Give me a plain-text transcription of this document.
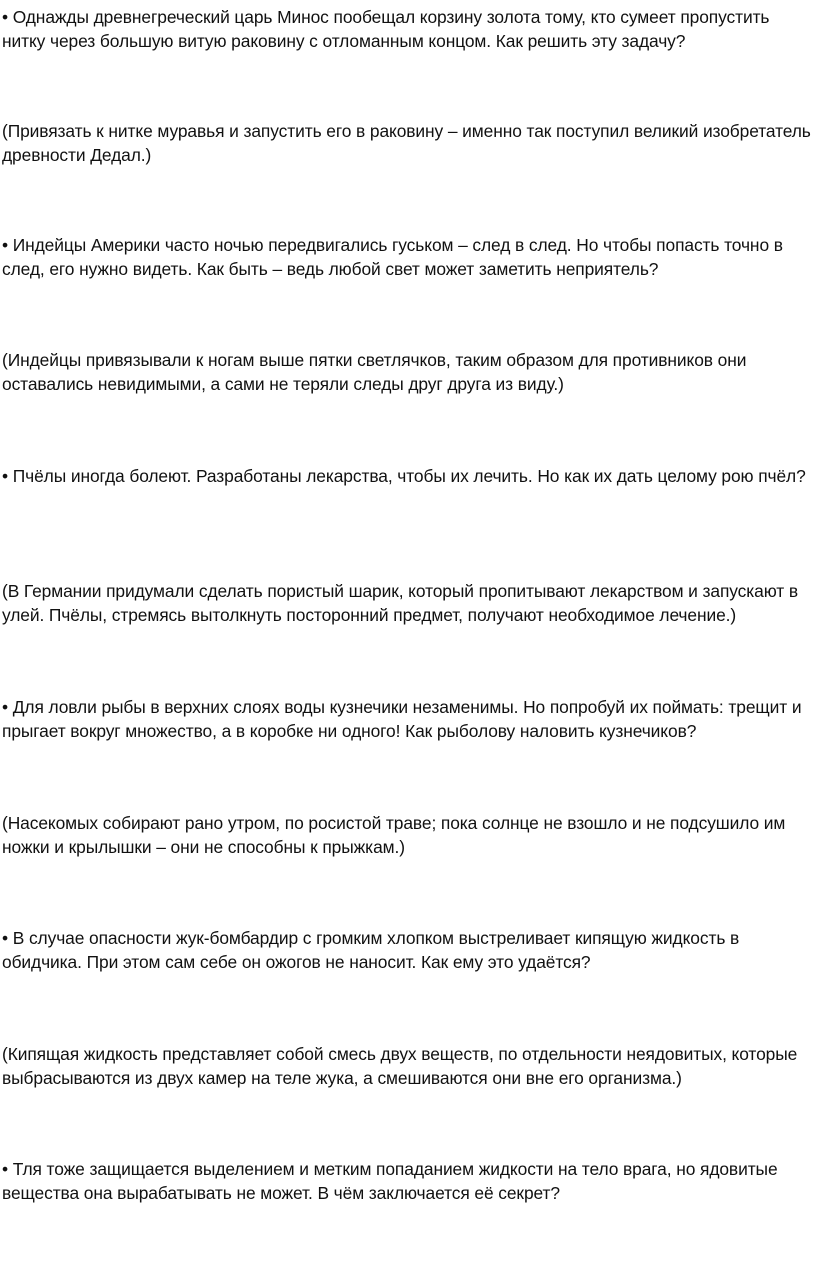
• Однажды древнегреческий царь Минос пообещал корзину золота тому, кто сумеет пропустить нитку через большую витую раковину с отломанным концом. Как решить эту задачу?

(Привязать к нитке муравья и запустить его в раковину – именно так поступил великий изобретатель древности Дедал.)

• Индейцы Америки часто ночью передвигались гуськом – след в след. Но чтобы попасть точно в след, его нужно видеть. Как быть – ведь любой свет может заметить неприятель?

(Индейцы привязывали к ногам выше пятки светлячков, таким образом для противников они оставались невидимыми, а сами не теряли следы друг друга из виду.)

• Пчёлы иногда болеют. Разработаны лекарства, чтобы их лечить. Но как их дать целому рою пчёл?

(В Германии придумали сделать пористый шарик, который пропитывают лекарством и запускают в улей. Пчёлы, стремясь вытолкнуть посторонний предмет, получают необходимое лечение.)

• Для ловли рыбы в верхних слоях воды кузнечики незаменимы. Но попробуй их поймать: трещит и прыгает вокруг множество, а в коробке ни одного! Как рыболову наловить кузнечиков?

(Насекомых собирают рано утром, по росистой траве; пока солнце не взошло и не подсушило им ножки и крылышки – они не способны к прыжкам.)

• В случае опасности жук-бомбардир с громким хлопком выстреливает кипящую жидкость в обидчика. При этом сам себе он ожогов не наносит. Как ему это удаётся?

(Кипящая жидкость представляет собой смесь двух веществ, по отдельности неядовитых, которые выбрасываются из двух камер на теле жука, а смешиваются они вне его организма.)

• Тля тоже защищается выделением и метким попаданием жидкости на тело врага, но ядовитые вещества она вырабатывать не может. В чём заключается её секрет?
